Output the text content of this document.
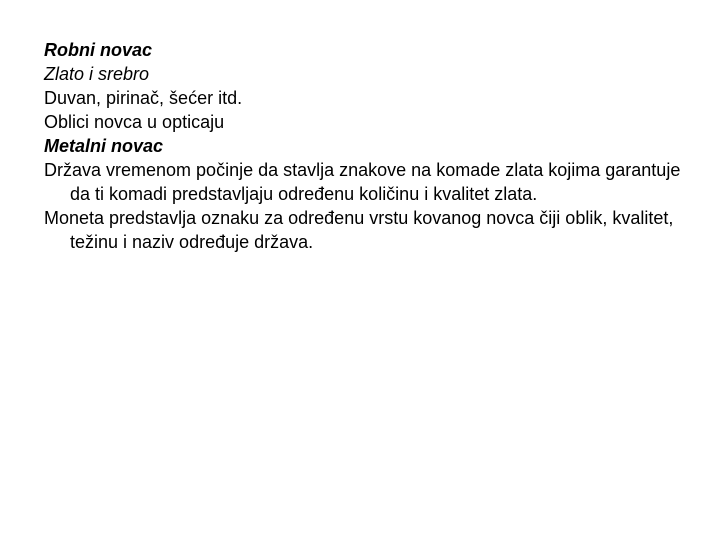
Robni novac

Zlato i srebro

Duvan, pirinač, šećer itd.

Oblici novca u opticaju

Metalni novac

Država vremenom počinje da stavlja znakove na komade zlata kojima garantuje da ti komadi predstavljaju određenu količinu i kvalitet zlata.

Moneta predstavlja oznaku za određenu vrstu kovanog novca čiji oblik, kvalitet, težinu i naziv određuje država.
